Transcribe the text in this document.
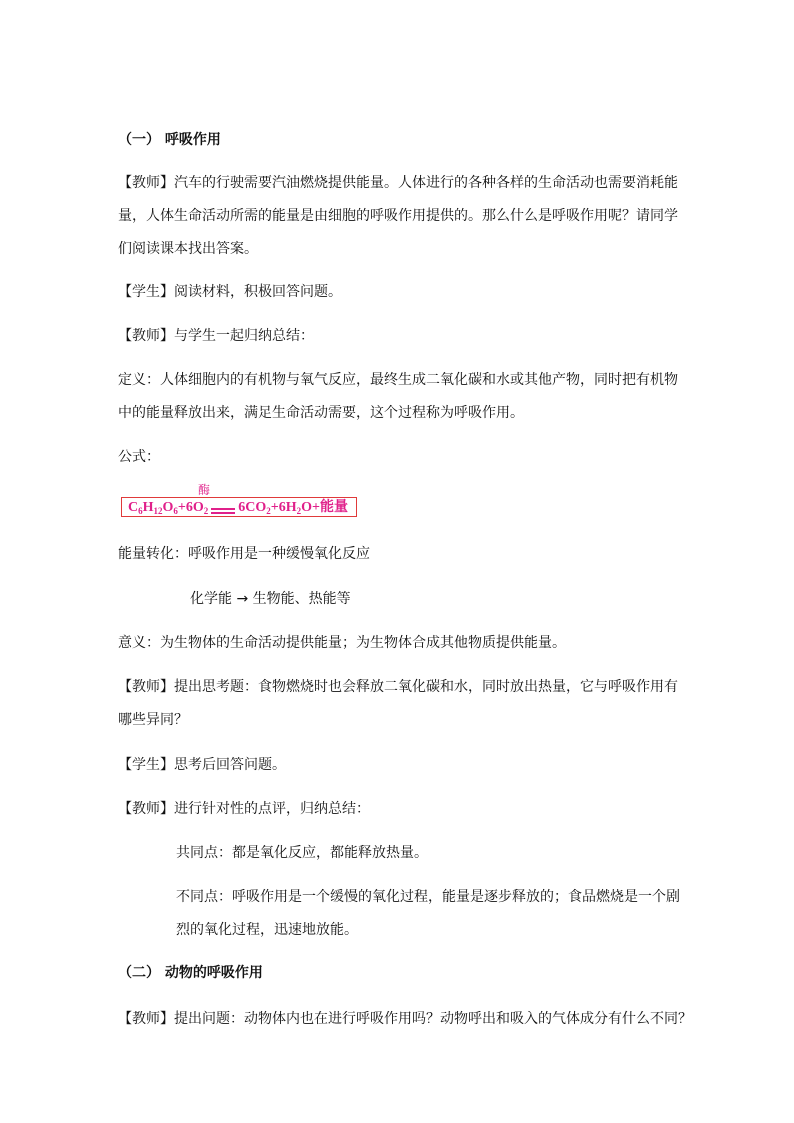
（一） 呼吸作用
【教师】汽车的行驶需要汽油燃烧提供能量。人体进行的各种各样的生命活动也需要消耗能
量，人体生命活动所需的能量是由细胞的呼吸作用提供的。那么什么是呼吸作用呢？请同学
们阅读课本找出答案。
【学生】阅读材料，积极回答问题。
【教师】与学生一起归纳总结：
定义：人体细胞内的有机物与氧气反应，最终生成二氧化碳和水或其他产物，同时把有机物
中的能量释放出来，满足生命活动需要，这个过程称为呼吸作用。
公式：
酶
$C_6H_{12}O_6+6O_2$ $6CO_2+6H_2O+$能量
能量转化：呼吸作用是一种缓慢氧化反应
化学能 → 生物能、热能等
意义：为生物体的生命活动提供能量；为生物体合成其他物质提供能量。
【教师】提出思考题：食物燃烧时也会释放二氧化碳和水，同时放出热量，它与呼吸作用有
哪些异同？
【学生】思考后回答问题。
【教师】进行针对性的点评，归纳总结：
共同点：都是氧化反应，都能释放热量。
不同点：呼吸作用是一个缓慢的氧化过程，能量是逐步释放的；食品燃烧是一个剧
烈的氧化过程，迅速地放能。
（二） 动物的呼吸作用
【教师】提出问题：动物体内也在进行呼吸作用吗？动物呼出和吸入的气体成分有什么不同？
